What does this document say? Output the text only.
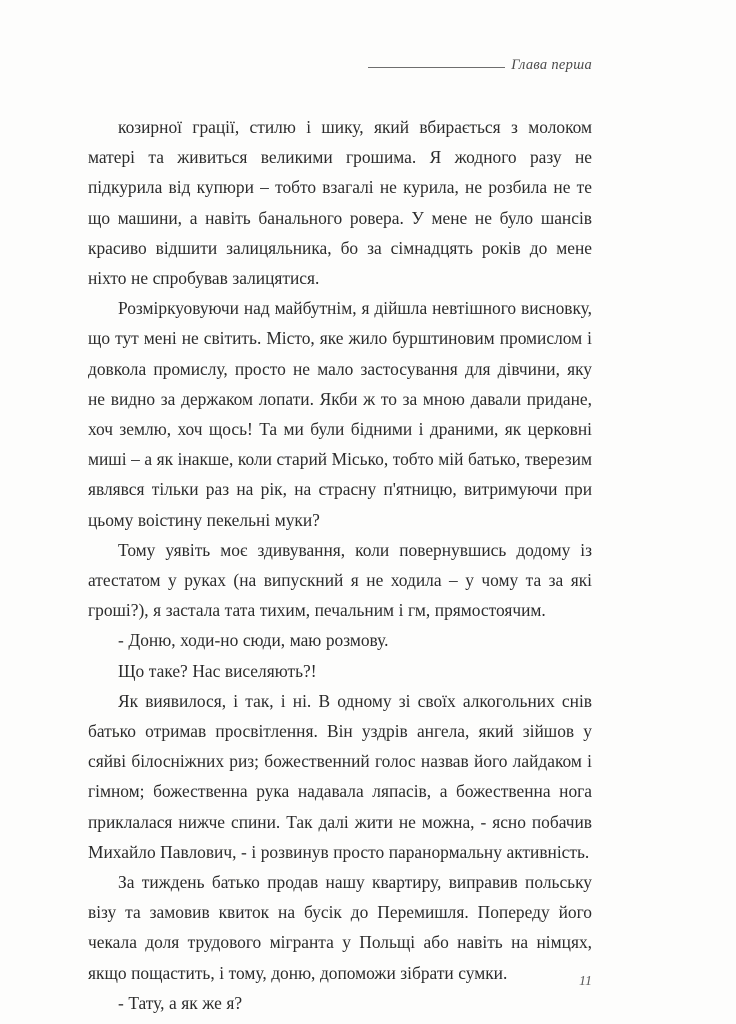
Глава перша

козирної грації, стилю і шику, який вбирається з молоком матері та живиться великими грошима. Я жодного разу не підкурила від купюри – тобто взагалі не курила, не розбила не те що машини, а навіть банального ровера. У мене не було шансів красиво відшити залицяльника, бо за сімнадцять років до мене ніхто не спробував залицятися.

Розміркуовуючи над майбутнім, я дійшла невтішного висновку, що тут мені не світить. Місто, яке жило бурштиновим промислом і довкола промислу, просто не мало застосування для дівчини, яку не видно за держаком лопати. Якби ж то за мною давали придане, хоч землю, хоч щось! Та ми були бідними і драними, як церковні миші – а як інакше, коли старий Місько, тобто мій батько, тверезим являвся тільки раз на рік, на страсну п'ятницю, витримуючи при цьому воістину пекельні муки?

Тому уявіть моє здивування, коли повернувшись додому із атестатом у руках (на випускний я не ходила – у чому та за які гроші?), я застала тата тихим, печальним і гм, прямостоячим.

- Доню, ходи-но сюди, маю розмову.

Що таке? Нас виселяють?!

Як виявилося, і так, і ні. В одному зі своїх алкогольних снів батько отримав просвітлення. Він уздрів ангела, який зійшов у сяйві білосніжних риз; божественний голос назвав його лайдаком і гімном; божественна рука надавала ляпасів, а божественна нога приклалася нижче спини. Так далі жити не можна, - ясно побачив Михайло Павлович, - і розвинув просто паранормальну активність.

За тиждень батько продав нашу квартиру, виправив польську візу та замовив квиток на бусік до Перемишля. Попереду його чекала доля трудового мігранта у Польщі або навіть на німцях, якщо пощастить, і тому, доню, допоможи зібрати сумки.

- Тату, а як же я?

11
